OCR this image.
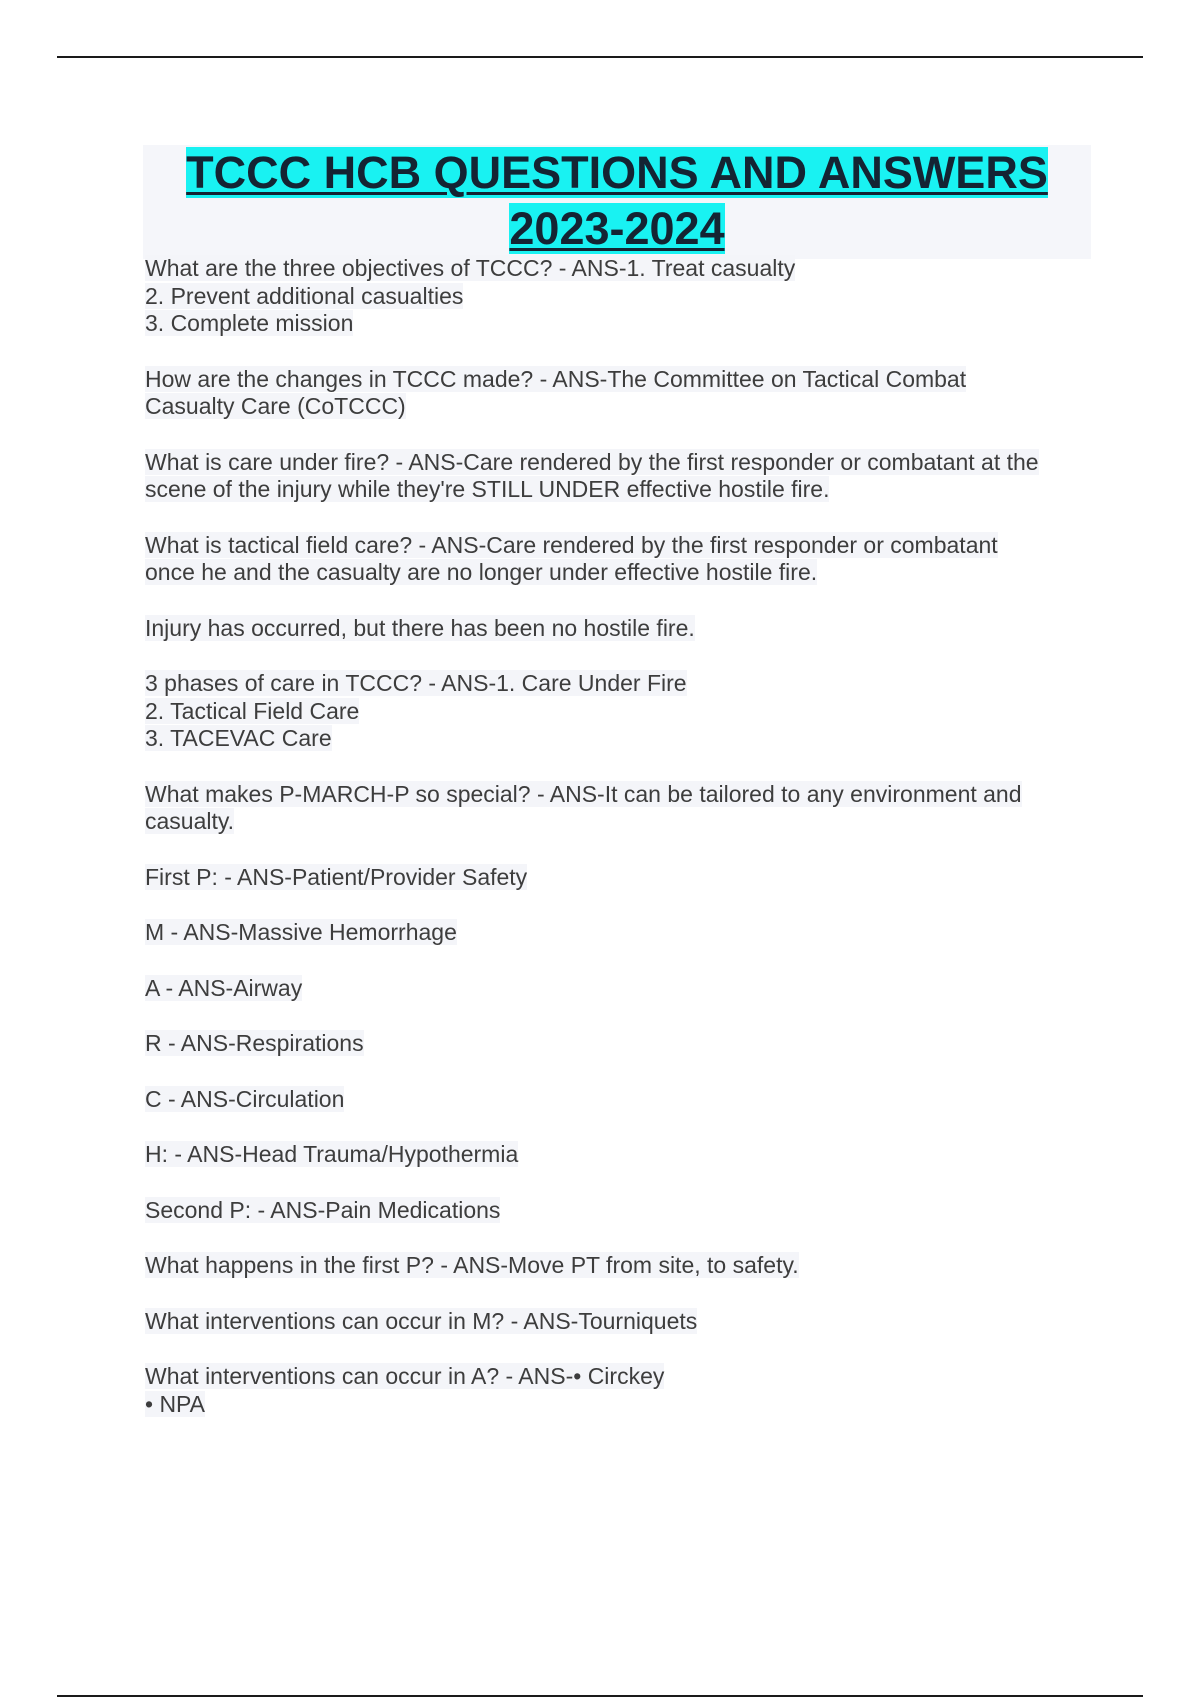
TCCC HCB QUESTIONS AND ANSWERS
2023-2024
What are the three objectives of TCCC? - ANS-1. Treat casualty
2. Prevent additional casualties
3. Complete mission
How are the changes in TCCC made? - ANS-The Committee on Tactical Combat
Casualty Care (CoTCCC)
What is care under fire? - ANS-Care rendered by the first responder or combatant at the
scene of the injury while they're STILL UNDER effective hostile fire.
What is tactical field care? - ANS-Care rendered by the first responder or combatant
once he and the casualty are no longer under effective hostile fire.
Injury has occurred, but there has been no hostile fire.
3 phases of care in TCCC? - ANS-1. Care Under Fire
2. Tactical Field Care
3. TACEVAC Care
What makes P-MARCH-P so special? - ANS-It can be tailored to any environment and
casualty.
First P: - ANS-Patient/Provider Safety
M - ANS-Massive Hemorrhage
A - ANS-Airway
R - ANS-Respirations
C - ANS-Circulation
H: - ANS-Head Trauma/Hypothermia
Second P: - ANS-Pain Medications
What happens in the first P? - ANS-Move PT from site, to safety.
What interventions can occur in M? - ANS-Tourniquets
What interventions can occur in A? - ANS-• Circkey
• NPA
